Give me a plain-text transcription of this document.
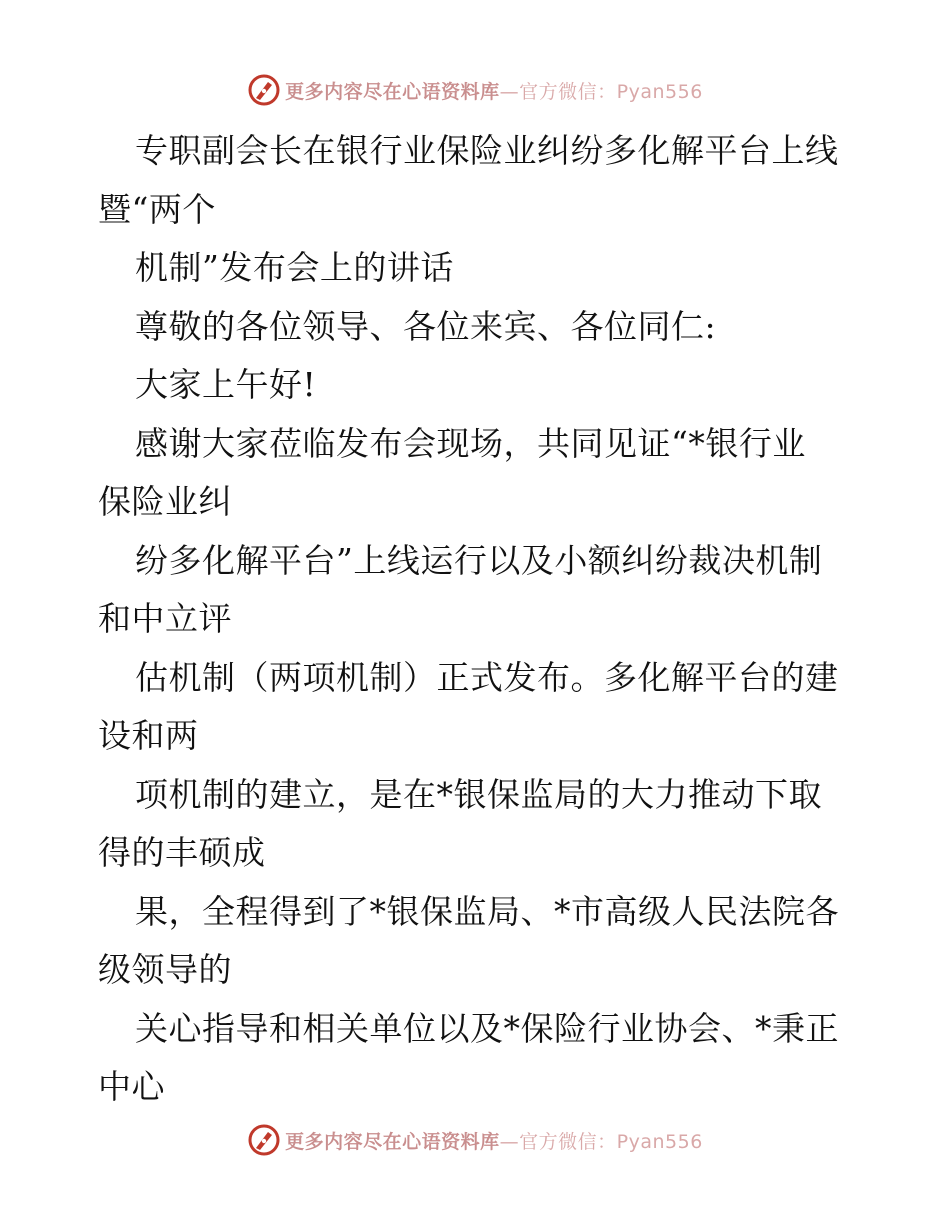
更多内容尽在心语资料库—官方微信：Pyan556
专职副会长在银行业保险业纠纷多化解平台上线
暨“两个
机制”发布会上的讲话
尊敬的各位领导、各位来宾、各位同仁:
大家上午好!
感谢大家莅临发布会现场，共同见证“*银行业
保险业纠
纷多化解平台”上线运行以及小额纠纷裁决机制
和中立评
估机制（两项机制）正式发布。多化解平台的建
设和两
项机制的建立，是在*银保监局的大力推动下取
得的丰硕成
果，全程得到了*银保监局、*市高级人民法院各
级领导的
关心指导和相关单位以及*保险行业协会、*秉正
中心
更多内容尽在心语资料库—官方微信：Pyan556
